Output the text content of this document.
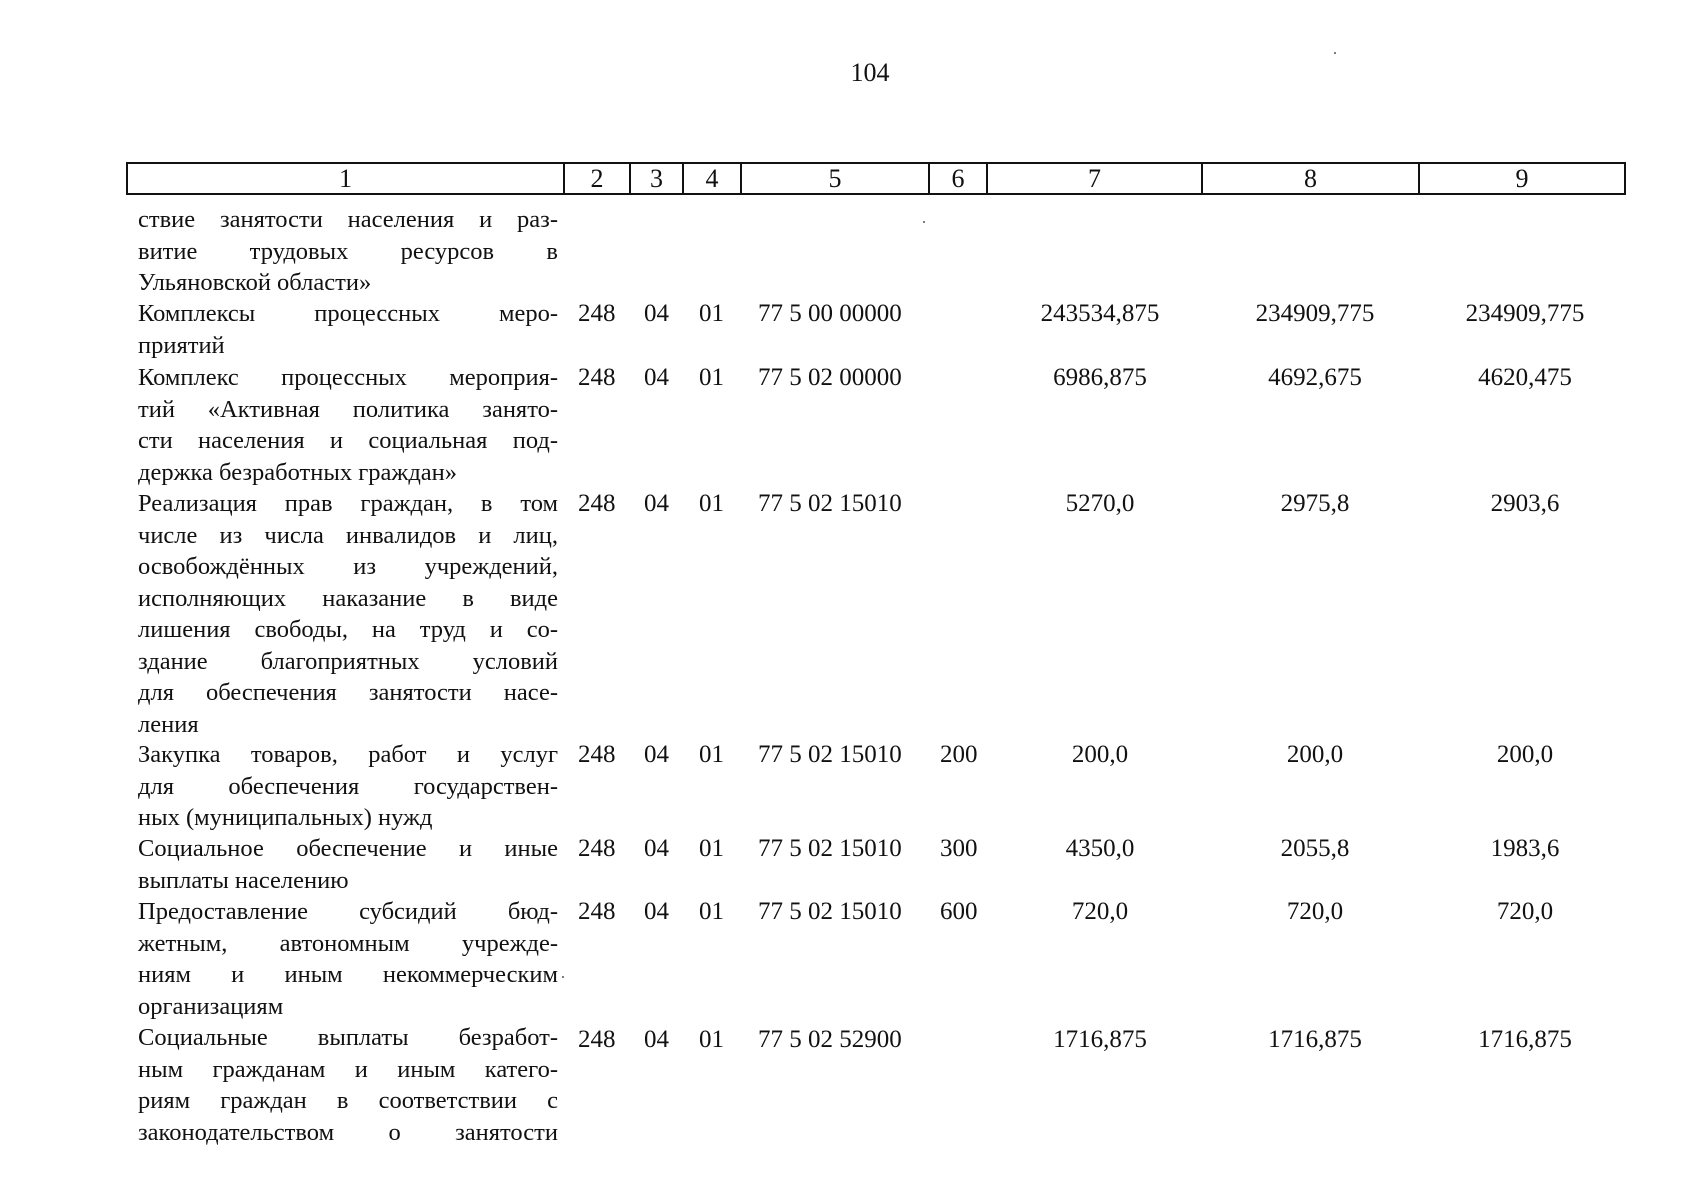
104
1	2	3	4	5	6	7	8	9
ствие занятости населения и раз-
витие трудовых ресурсов в
Ульяновской области»
Комплексы процессных меро-
приятий
248 04 01 77 5 00 00000	243534,875	234909,775	234909,775
Комплекс процессных мероприя-
тий «Активная политика занято-
сти населения и социальная под-
держка безработных граждан»
248 04 01 77 5 02 00000	6986,875	4692,675	4620,475
Реализация прав граждан, в том
числе из числа инвалидов и лиц,
освобождённых из учреждений,
исполняющих наказание в виде
лишения свободы, на труд и со-
здание благоприятных условий
для обеспечения занятости насе-
ления
248 04 01 77 5 02 15010	5270,0	2975,8	2903,6
Закупка товаров, работ и услуг
для обеспечения государствен-
ных (муниципальных) нужд
248 04 01 77 5 02 15010 200	200,0	200,0	200,0
Социальное обеспечение и иные
выплаты населению
248 04 01 77 5 02 15010 300	4350,0	2055,8	1983,6
Предоставление субсидий бюд-
жетным, автономным учрежде-
ниям и иным некоммерческим
организациям
248 04 01 77 5 02 15010 600	720,0	720,0	720,0
Социальные выплаты безработ-
ным гражданам и иным катего-
риям граждан в соответствии с
законодательством о занятости
248 04 01 77 5 02 52900	1716,875	1716,875	1716,875
